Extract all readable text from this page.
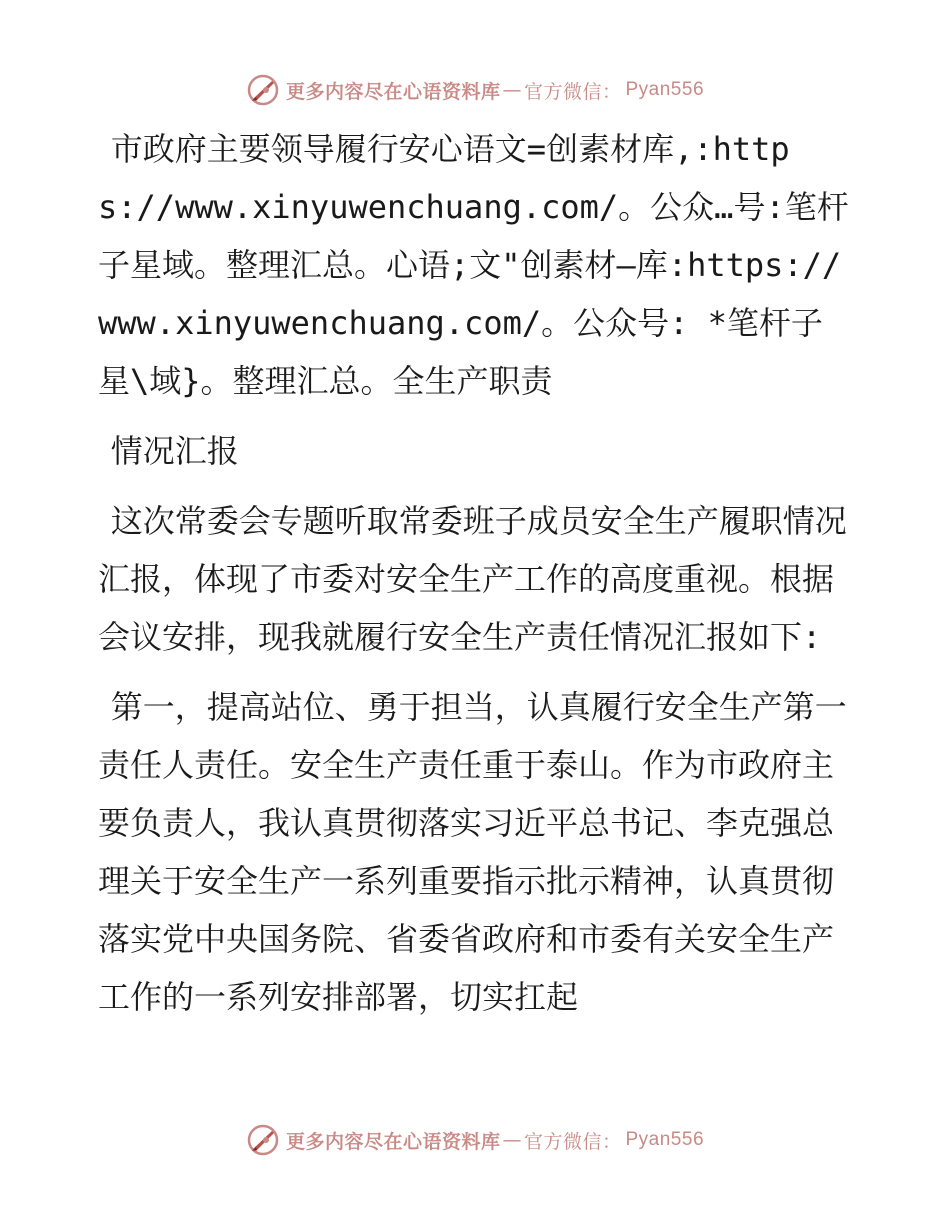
更多内容尽在心语资料库 — 官方微信： Pyan556

市政府主要领导履行安心语文=创素材库,:https://www.xinyuwenchuang.com/。公众…号:笔杆子星域。整理汇总。心语;文"创素材—库:https://www.xinyuwenchuang.com/。公众号: *笔杆子星\域}。整理汇总。全生产职责

情况汇报

这次常委会专题听取常委班子成员安全生产履职情况汇报，体现了市委对安全生产工作的高度重视。根据会议安排，现我就履行安全生产责任情况汇报如下:

第一，提高站位、勇于担当，认真履行安全生产第一责任人责任。安全生产责任重于泰山。作为市政府主要负责人，我认真贯彻落实习近平总书记、李克强总理关于安全生产一系列重要指示批示精神，认真贯彻落实党中央国务院、省委省政府和市委有关安全生产工作的一系列安排部署，切实扛起

更多内容尽在心语资料库 — 官方微信： Pyan556
